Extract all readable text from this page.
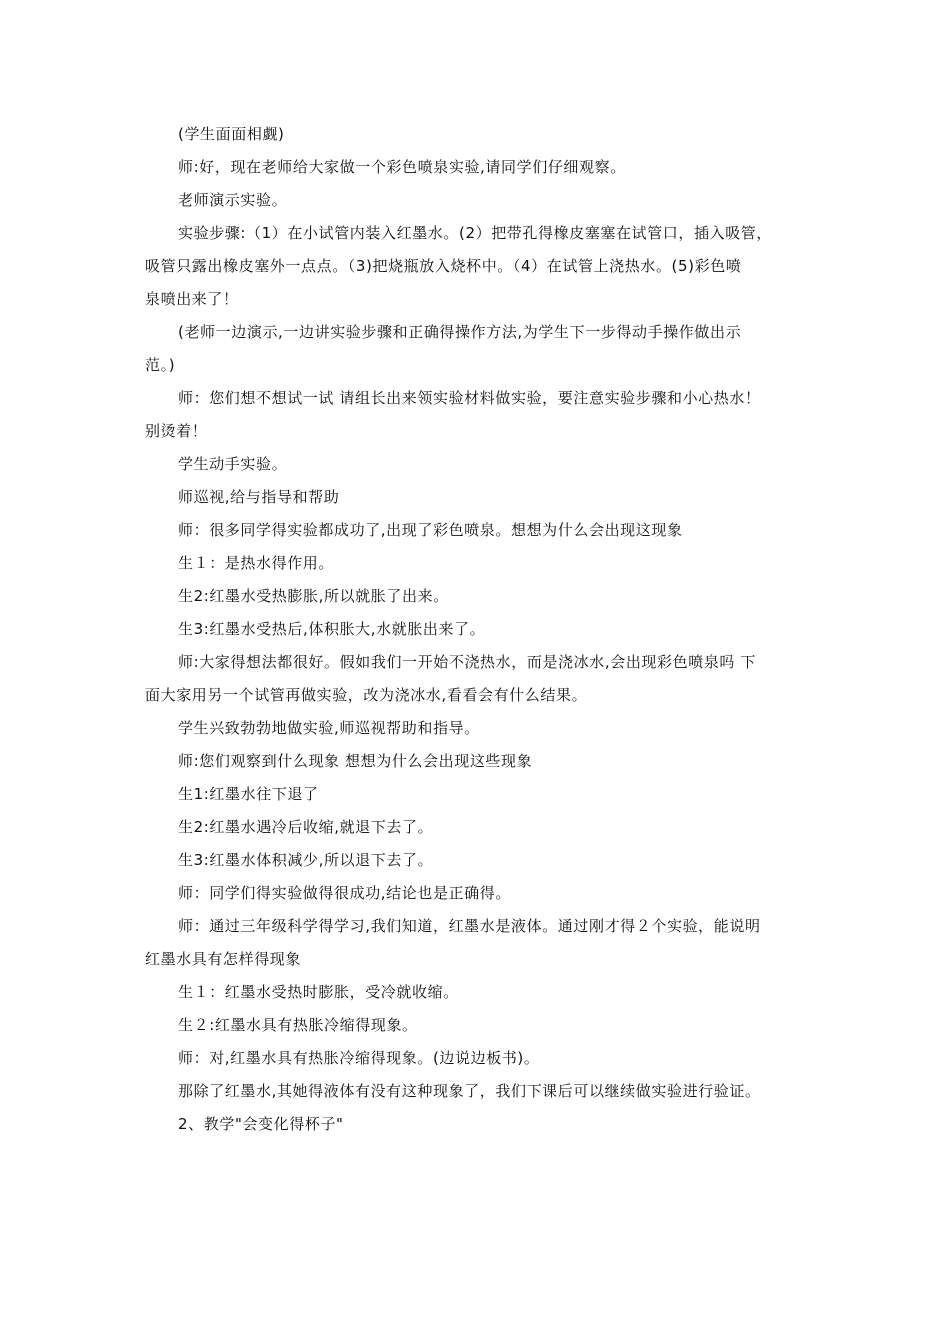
(学生面面相觑)

师:好，现在老师给大家做一个彩色喷泉实验,请同学们仔细观察。

老师演示实验。

实验步骤:（1）在小试管内装入红墨水。(2）把带孔得橡皮塞塞在试管口，插入吸管，
吸管只露出橡皮塞外一点点。（3)把烧瓶放入烧杯中。（4）在试管上浇热水。(5)彩色喷
泉喷出来了！

(老师一边演示,一边讲实验步骤和正确得操作方法,为学生下一步得动手操作做出示
范。)

师：您们想不想试一试 请组长出来领实验材料做实验，要注意实验步骤和小心热水！
别烫着！

学生动手实验。

师巡视,给与指导和帮助

师：很多同学得实验都成功了,出现了彩色喷泉。想想为什么会出现这现象

生１：是热水得作用。

生2:红墨水受热膨胀,所以就胀了出来。

生3:红墨水受热后,体积胀大,水就胀出来了。

师:大家得想法都很好。假如我们一开始不浇热水，而是浇冰水,会出现彩色喷泉吗 下
面大家用另一个试管再做实验，改为浇冰水,看看会有什么结果。

学生兴致勃勃地做实验,师巡视帮助和指导。

师:您们观察到什么现象 想想为什么会出现这些现象

生1:红墨水往下退了

生2:红墨水遇冷后收缩,就退下去了。

生3:红墨水体积减少,所以退下去了。

师：同学们得实验做得很成功,结论也是正确得。

师：通过三年级科学得学习,我们知道，红墨水是液体。通过刚才得２个实验，能说明
红墨水具有怎样得现象

生１：红墨水受热时膨胀，受冷就收缩。

生２:红墨水具有热胀冷缩得现象。

师：对,红墨水具有热胀冷缩得现象。(边说边板书)。

那除了红墨水,其她得液体有没有这种现象了，我们下课后可以继续做实验进行验证。

2、教学"会变化得杯子"
